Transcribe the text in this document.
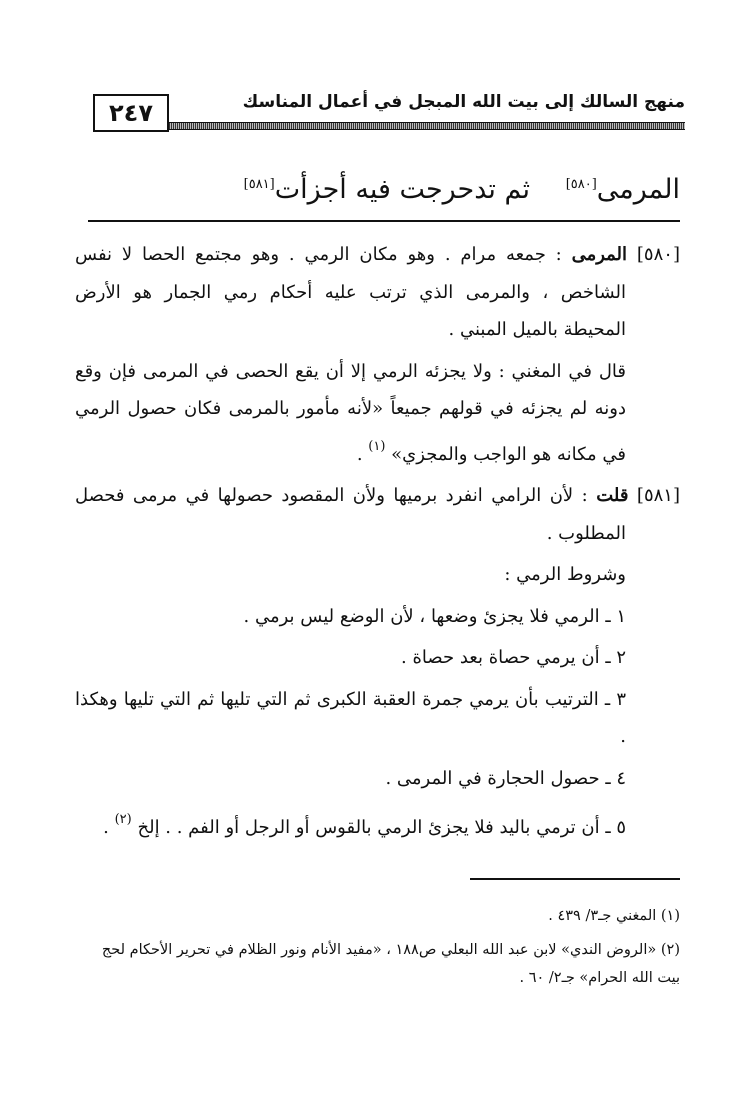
٢٤٧	منهج السالك إلى بيت الله المبجل في أعمال المناسك
المرمى[٥٨٠]
ثم تدحرجت فيه أجزأت[٥٨١]

[٥٨٠] المرمى : جمعه مرام . وهو مكان الرمي . وهو مجتمع الحصا لا نفس الشاخص ، والمرمى الذي ترتب عليه أحكام رمي الجمار هو الأرض المحيطة بالميل المبني .

قال في المغني : ولا يجزئه الرمي إلا أن يقع الحصى في المرمى فإن وقع دونه لم يجزئه في قولهم جميعاً «لأنه مأمور بالمرمى فكان حصول الرمي في مكانه هو الواجب والمجزي» $^{(١)}$ .

[٥٨١] قلت : لأن الرامي انفرد برميها ولأن المقصود حصولها في مرمى فحصل المطلوب .

وشروط الرمي :

١ ـ الرمي فلا يجزئ وضعها ، لأن الوضع ليس برمي .

٢ ـ أن يرمي حصاة بعد حصاة .

٣ ـ الترتيب بأن يرمي جمرة العقبة الكبرى ثم التي تليها ثم التي تليها وهكذا .

٤ ـ حصول الحجارة في المرمى .

٥ ـ أن ترمي باليد فلا يجزئ الرمي بالقوس أو الرجل أو الفم . . إلخ $^{(٢)}$ .

(١) المغني جـ٣/ ٤٣٩ .

(٢) «الروض الندي» لابن عبد الله البعلي ص١٨٨ ، «مفيد الأنام ونور الظلام في تحرير الأحكام لحج بيت الله الحرام» جـ٢/ ٦٠ .
